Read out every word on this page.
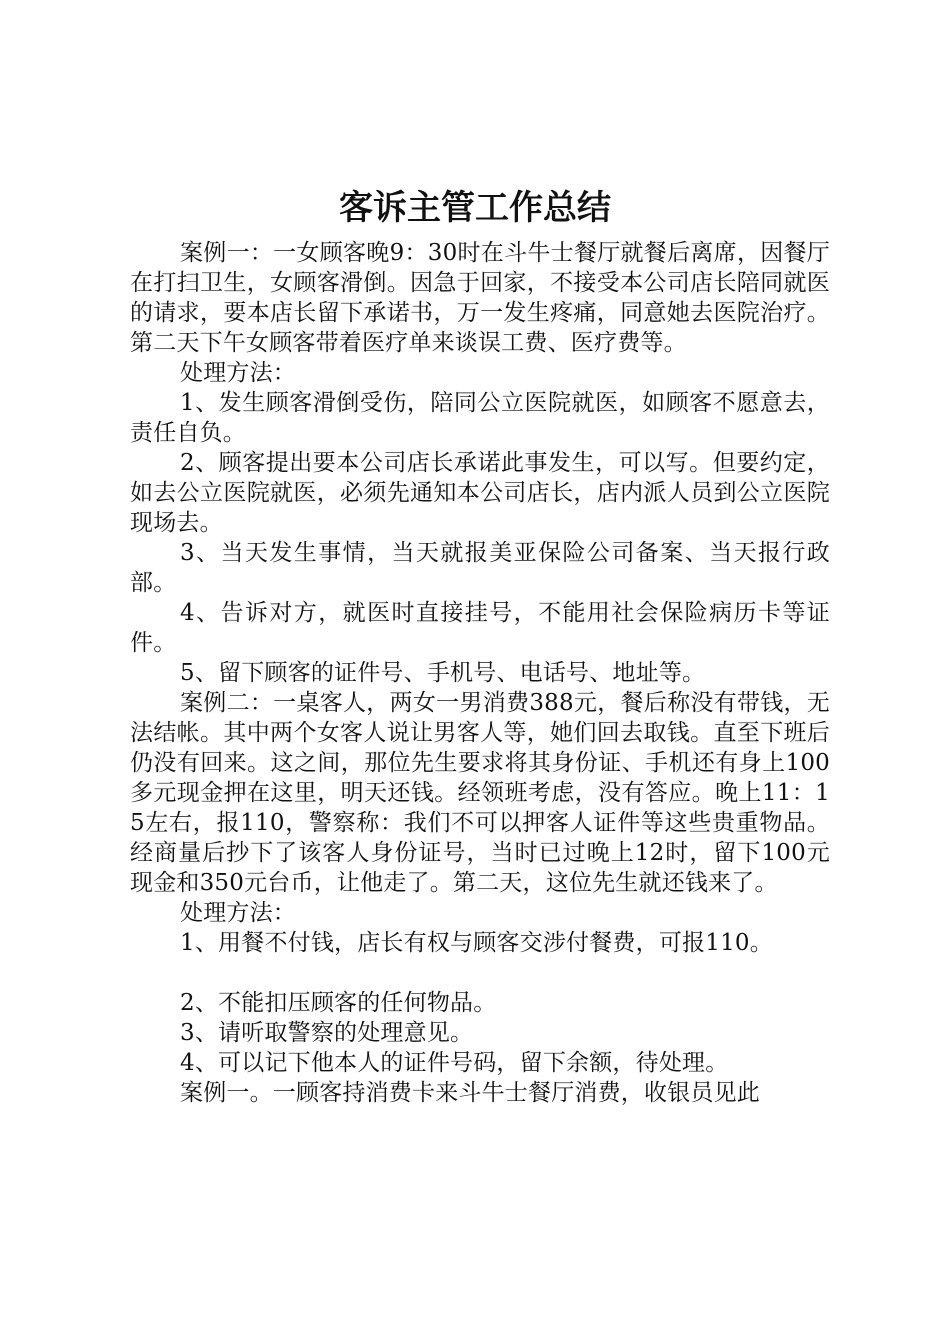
客诉主管工作总结

案例一：一女顾客晚9：30时在斗牛士餐厅就餐后离席，因餐厅在打扫卫生，女顾客滑倒。因急于回家，不接受本公司店长陪同就医的请求，要本店长留下承诺书，万一发生疼痛，同意她去医院治疗。第二天下午女顾客带着医疗单来谈误工费、医疗费等。

处理方法：

1、发生顾客滑倒受伤，陪同公立医院就医，如顾客不愿意去，责任自负。

2、顾客提出要本公司店长承诺此事发生，可以写。但要约定，如去公立医院就医，必须先通知本公司店长，店内派人员到公立医院现场去。

3、当天发生事情，当天就报美亚保险公司备案、当天报行政部。

4、告诉对方，就医时直接挂号，不能用社会保险病历卡等证件。

5、留下顾客的证件号、手机号、电话号、地址等。

案例二：一桌客人，两女一男消费388元，餐后称没有带钱，无法结帐。其中两个女客人说让男客人等，她们回去取钱。直至下班后仍没有回来。这之间，那位先生要求将其身份证、手机还有身上100多元现金押在这里，明天还钱。经领班考虑，没有答应。晚上11：15左右，报110，警察称：我们不可以押客人证件等这些贵重物品。经商量后抄下了该客人身份证号，当时已过晚上12时，留下100元现金和350元台币，让他走了。第二天，这位先生就还钱来了。

处理方法：

1、用餐不付钱，店长有权与顾客交涉付餐费，可报110。

2、不能扣压顾客的任何物品。

3、请听取警察的处理意见。

4、可以记下他本人的证件号码，留下余额，待处理。

案例一。一顾客持消费卡来斗牛士餐厅消费，收银员见此
